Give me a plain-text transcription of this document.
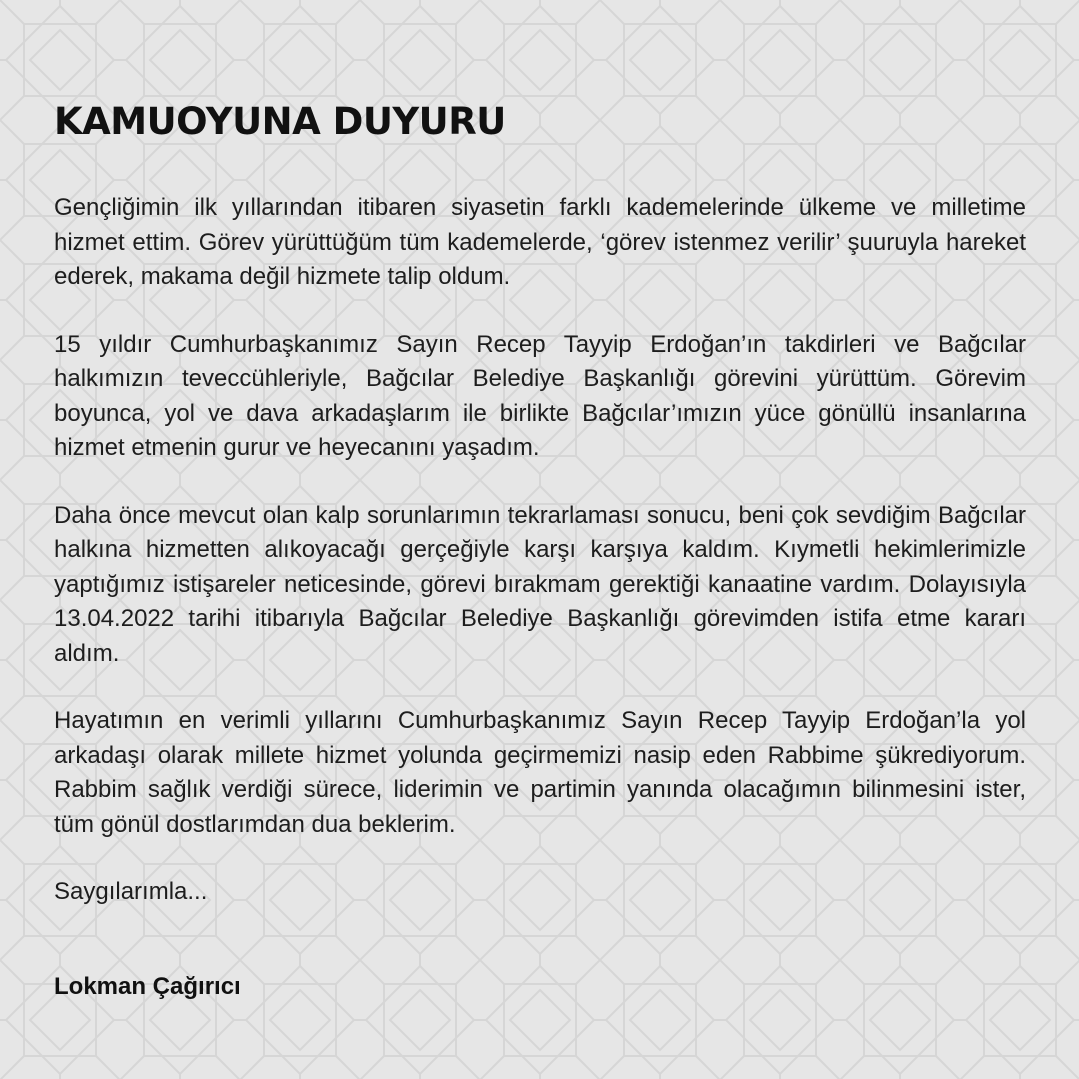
KAMUOYUNA DUYURU

Gençliğimin ilk yıllarından itibaren siyasetin farklı kademelerinde ülkeme ve milletime hizmet ettim. Görev yürüttüğüm tüm kademelerde, ‘görev istenmez verilir’ şuuruyla hareket ederek, makama değil hizmete talip oldum.

15 yıldır Cumhurbaşkanımız Sayın Recep Tayyip Erdoğan’ın takdirleri ve Bağcılar halkımızın teveccühleriyle, Bağcılar Belediye Başkanlığı görevini yürüttüm. Görevim boyunca, yol ve dava arkadaşlarım ile birlikte Bağcılar’ımızın yüce gönüllü insanlarına hizmet etmenin gurur ve heyecanını yaşadım.

Daha önce mevcut olan kalp sorunlarımın tekrarlaması sonucu, beni çok sevdiğim Bağcılar halkına hizmetten alıkoyacağı gerçeğiyle karşı karşıya kaldım. Kıymetli hekimlerimizle yaptığımız istişareler neticesinde, görevi bırakmam gerektiği kanaatine vardım. Dolayısıyla 13.04.2022 tarihi itibarıyla Bağcılar Belediye Başkanlığı görevimden istifa etme kararı aldım.

Hayatımın en verimli yıllarını Cumhurbaşkanımız Sayın Recep Tayyip Erdoğan’la yol arkadaşı olarak millete hizmet yolunda geçirmemizi nasip eden Rabbime şükrediyorum. Rabbim sağlık verdiği sürece, liderimin ve partimin yanında olacağımın bilinmesini ister, tüm gönül dostlarımdan dua beklerim.

Saygılarımla...

Lokman Çağırıcı
